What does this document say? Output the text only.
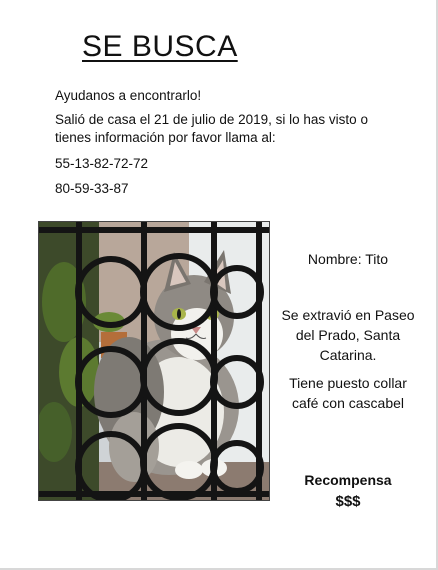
SE BUSCA

Ayudanos a encontrarlo!

Salió de casa el 21 de julio de 2019, si lo has visto o tienes información por favor llama al:

55-13-82-72-72

80-59-33-87

Nombre: Tito

Se extravió en Paseo del Prado, Santa Catarina.

Tiene puesto collar café con cascabel

Recompensa

$$$
